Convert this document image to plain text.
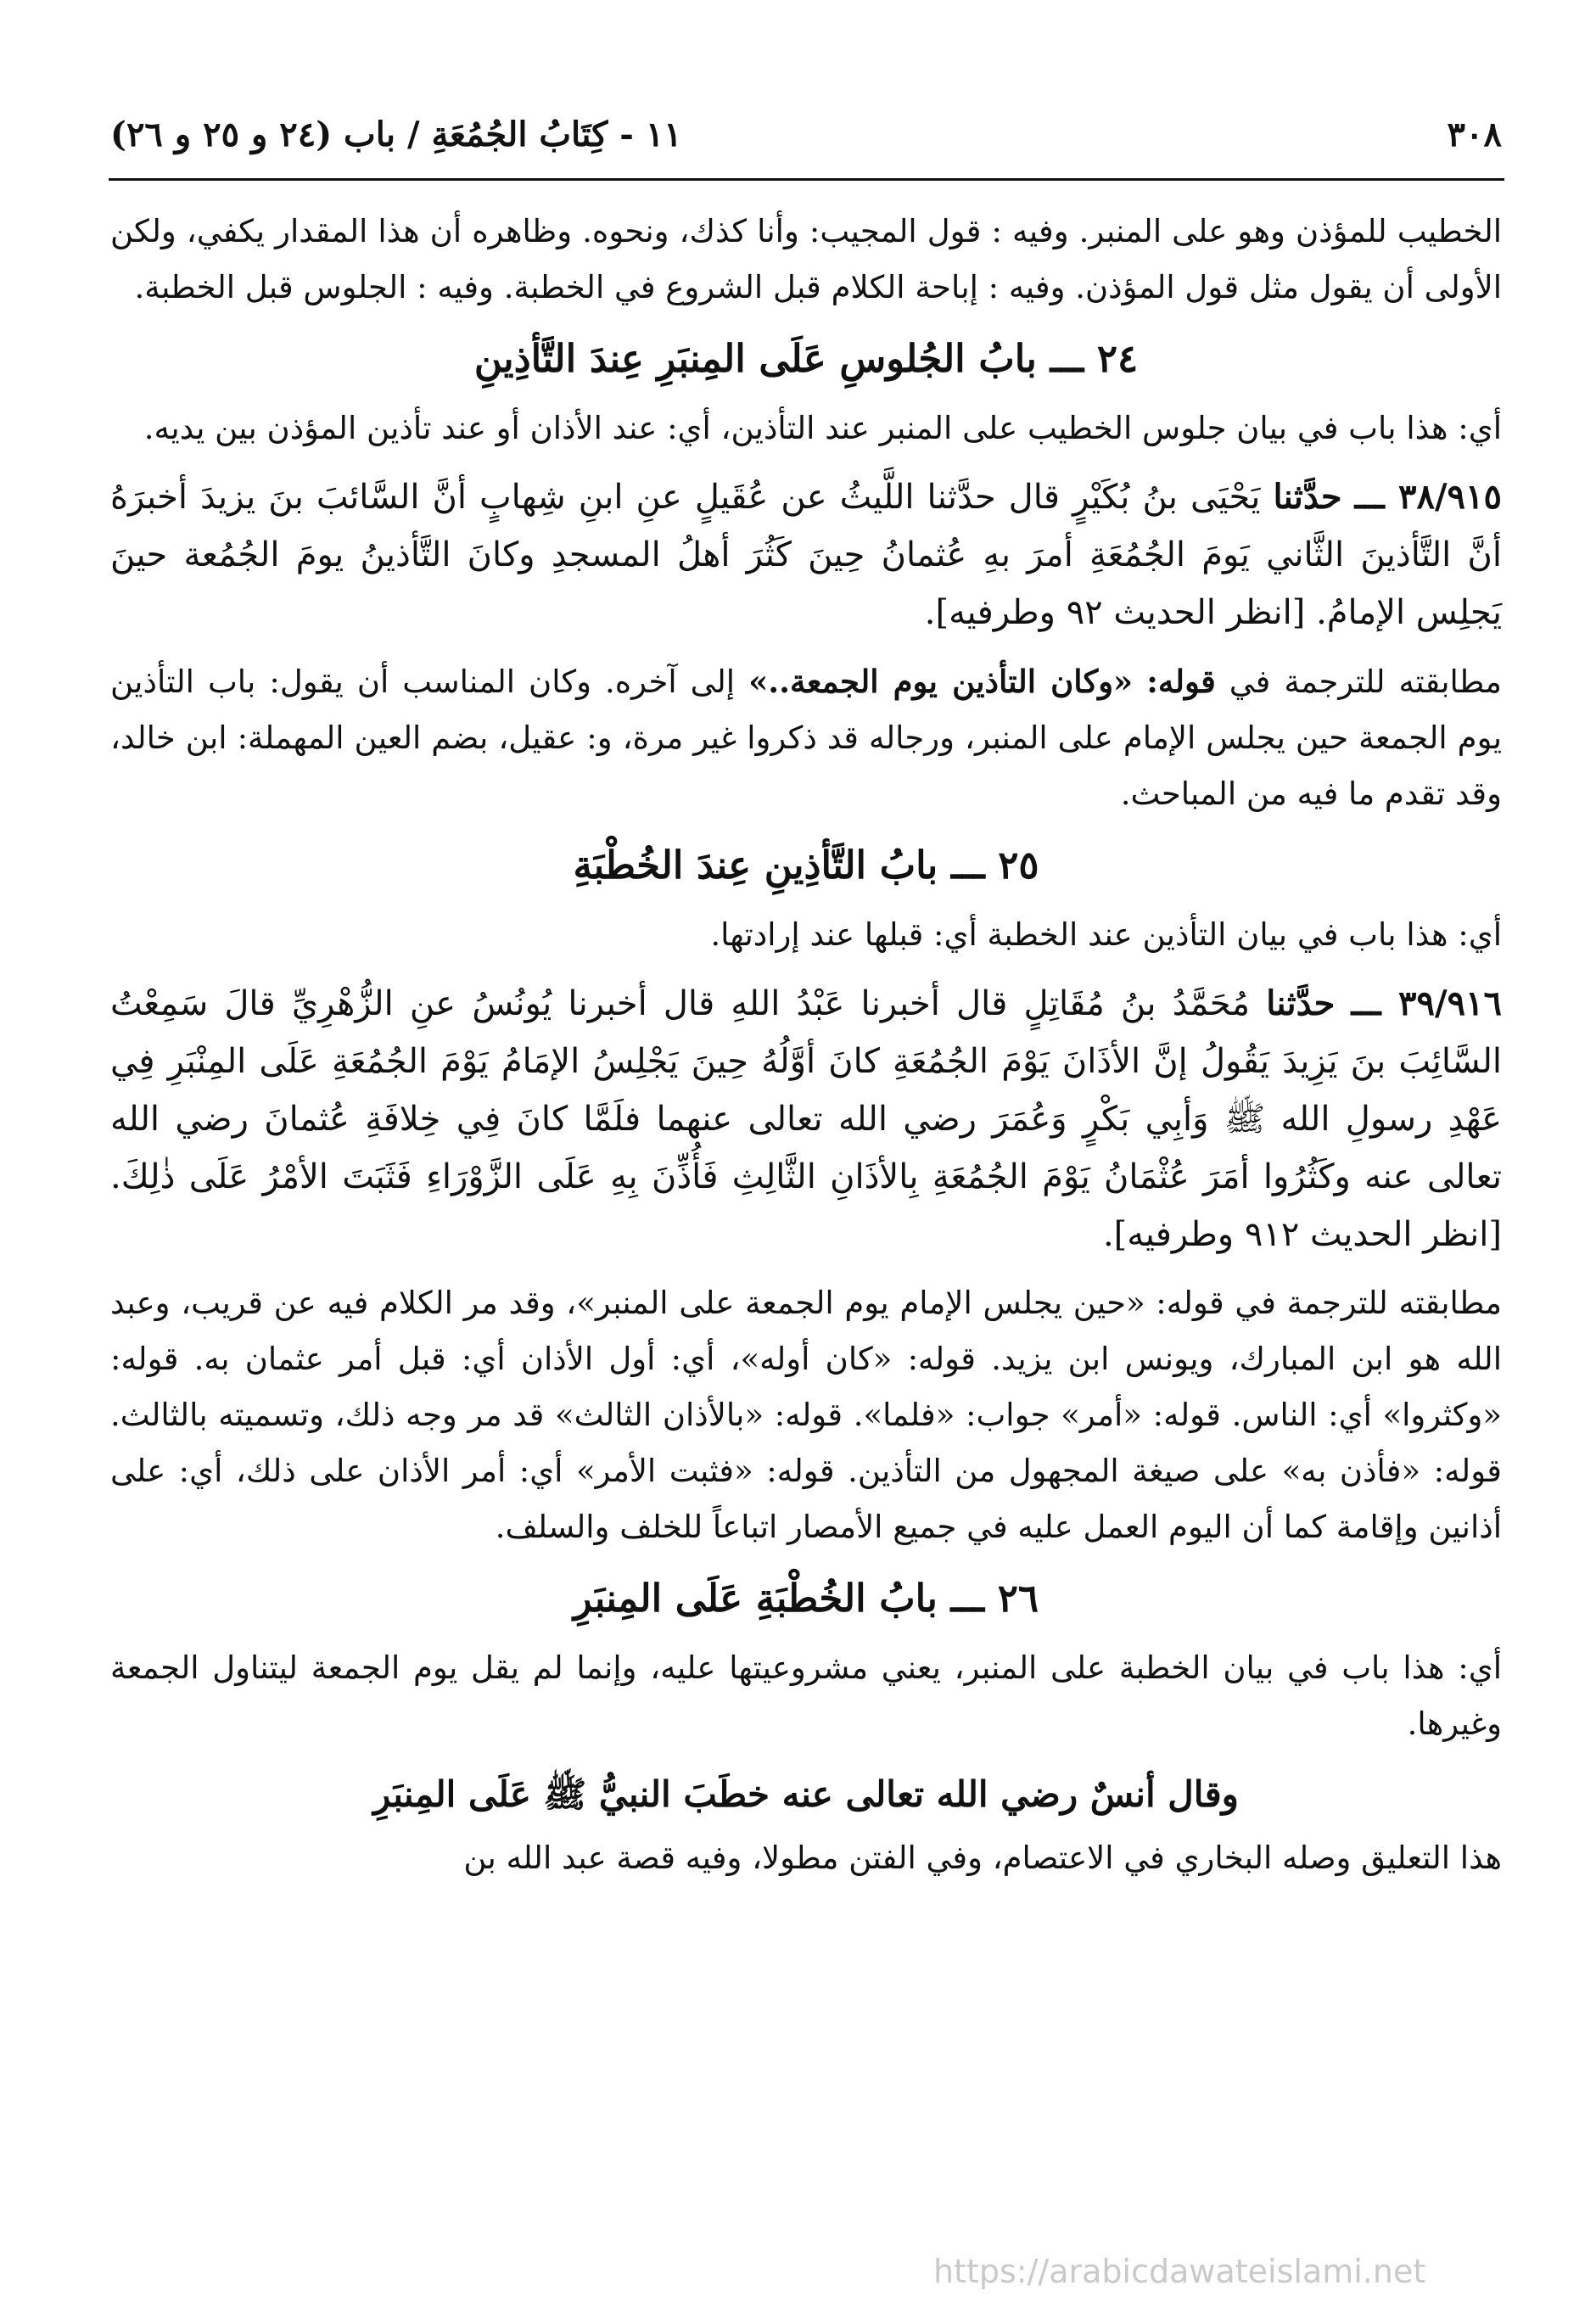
٣٠٨
١١ - كِتَابُ الجُمُعَةِ / باب (٢٤ و ٢٥ و ٢٦)

الخطيب للمؤذن وهو على المنبر. وفيه : قول المجيب: وأنا كذك، ونحوه. وظاهره أن هذا المقدار يكفي، ولكن الأولى أن يقول مثل قول المؤذن. وفيه : إباحة الكلام قبل الشروع في الخطبة. وفيه : الجلوس قبل الخطبة.

٢٤ ـــ بابُ الجُلوسِ عَلَى المِنبَرِ عِندَ التَّأذِينِ

أي: هذا باب في بيان جلوس الخطيب على المنبر عند التأذين، أي: عند الأذان أو عند تأذين المؤذن بين يديه.

٣٨/٩١٥ ـــ حدَّثنا يَحْيَى بنُ بُكَيْرٍ قال حدَّثنا اللَّيثُ عن عُقَيلٍ عنِ ابنِ شِهابٍ أنَّ السَّائبَ بنَ يزيدَ أخبرَهُ أنَّ التَّأذينَ الثَّاني يَومَ الجُمُعَةِ أمرَ بهِ عُثمانُ حِينَ كَثُرَ أهلُ المسجدِ وكانَ التَّأذينُ يومَ الجُمُعة حينَ يَجلِس الإمامُ. [انظر الحديث ٩٢ وطرفيه].

مطابقته للترجمة في قوله: «وكان التأذين يوم الجمعة..» إلى آخره. وكان المناسب أن يقول: باب التأذين يوم الجمعة حين يجلس الإمام على المنبر، ورجاله قد ذكروا غير مرة، و: عقيل، بضم العين المهملة: ابن خالد، وقد تقدم ما فيه من المباحث.

٢٥ ـــ بابُ التَّأذِينِ عِندَ الخُطْبَةِ

أي: هذا باب في بيان التأذين عند الخطبة أي: قبلها عند إرادتها.

٣٩/٩١٦ ـــ حدَّثنا مُحَمَّدُ بنُ مُقَاتِلٍ قال أخبرنا عَبْدُ اللهِ قال أخبرنا يُونُسُ عنِ الزُّهْرِيِّ قالَ سَمِعْتُ السَّائِبَ بنَ يَزِيدَ يَقُولُ إنَّ الأذَانَ يَوْمَ الجُمُعَةِ كانَ أوَّلُهُ حِينَ يَجْلِسُ الإمَامُ يَوْمَ الجُمُعَةِ عَلَى المِنْبَرِ فِي عَهْدِ رسولِ الله ﷺ وَأبِي بَكْرٍ وَعُمَرَ رضي الله تعالى عنهما فلَمَّا كانَ فِي خِلافَةِ عُثمانَ رضي الله تعالى عنه وكَثُرُوا أمَرَ عُثْمَانُ يَوْمَ الجُمُعَةِ بِالأذَانِ الثَّالِثِ فَأُذِّنَ بِهِ عَلَى الزَّوْرَاءِ فَثَبَتَ الأمْرُ عَلَى ذٰلِكَ. [انظر الحديث ٩١٢ وطرفيه].

مطابقته للترجمة في قوله: «حين يجلس الإمام يوم الجمعة على المنبر»، وقد مر الكلام فيه عن قريب، وعبد الله هو ابن المبارك، ويونس ابن يزيد. قوله: «كان أوله»، أي: أول الأذان أي: قبل أمر عثمان به. قوله: «وكثروا» أي: الناس. قوله: «أمر» جواب: «فلما». قوله: «بالأذان الثالث» قد مر وجه ذلك، وتسميته بالثالث. قوله: «فأذن به» على صيغة المجهول من التأذين. قوله: «فثبت الأمر» أي: أمر الأذان على ذلك، أي: على أذانين وإقامة كما أن اليوم العمل عليه في جميع الأمصار اتباعاً للخلف والسلف.

٢٦ ـــ بابُ الخُطْبَةِ عَلَى المِنبَرِ

أي: هذا باب في بيان الخطبة على المنبر، يعني مشروعيتها عليه، وإنما لم يقل يوم الجمعة ليتناول الجمعة وغيرها.

وقال أنسٌ رضي الله تعالى عنه خطَبَ النبيُّ ﷺ عَلَى المِنبَرِ

هذا التعليق وصله البخاري في الاعتصام، وفي الفتن مطولا، وفيه قصة عبد الله بن

https://arabicdawateislami.net
